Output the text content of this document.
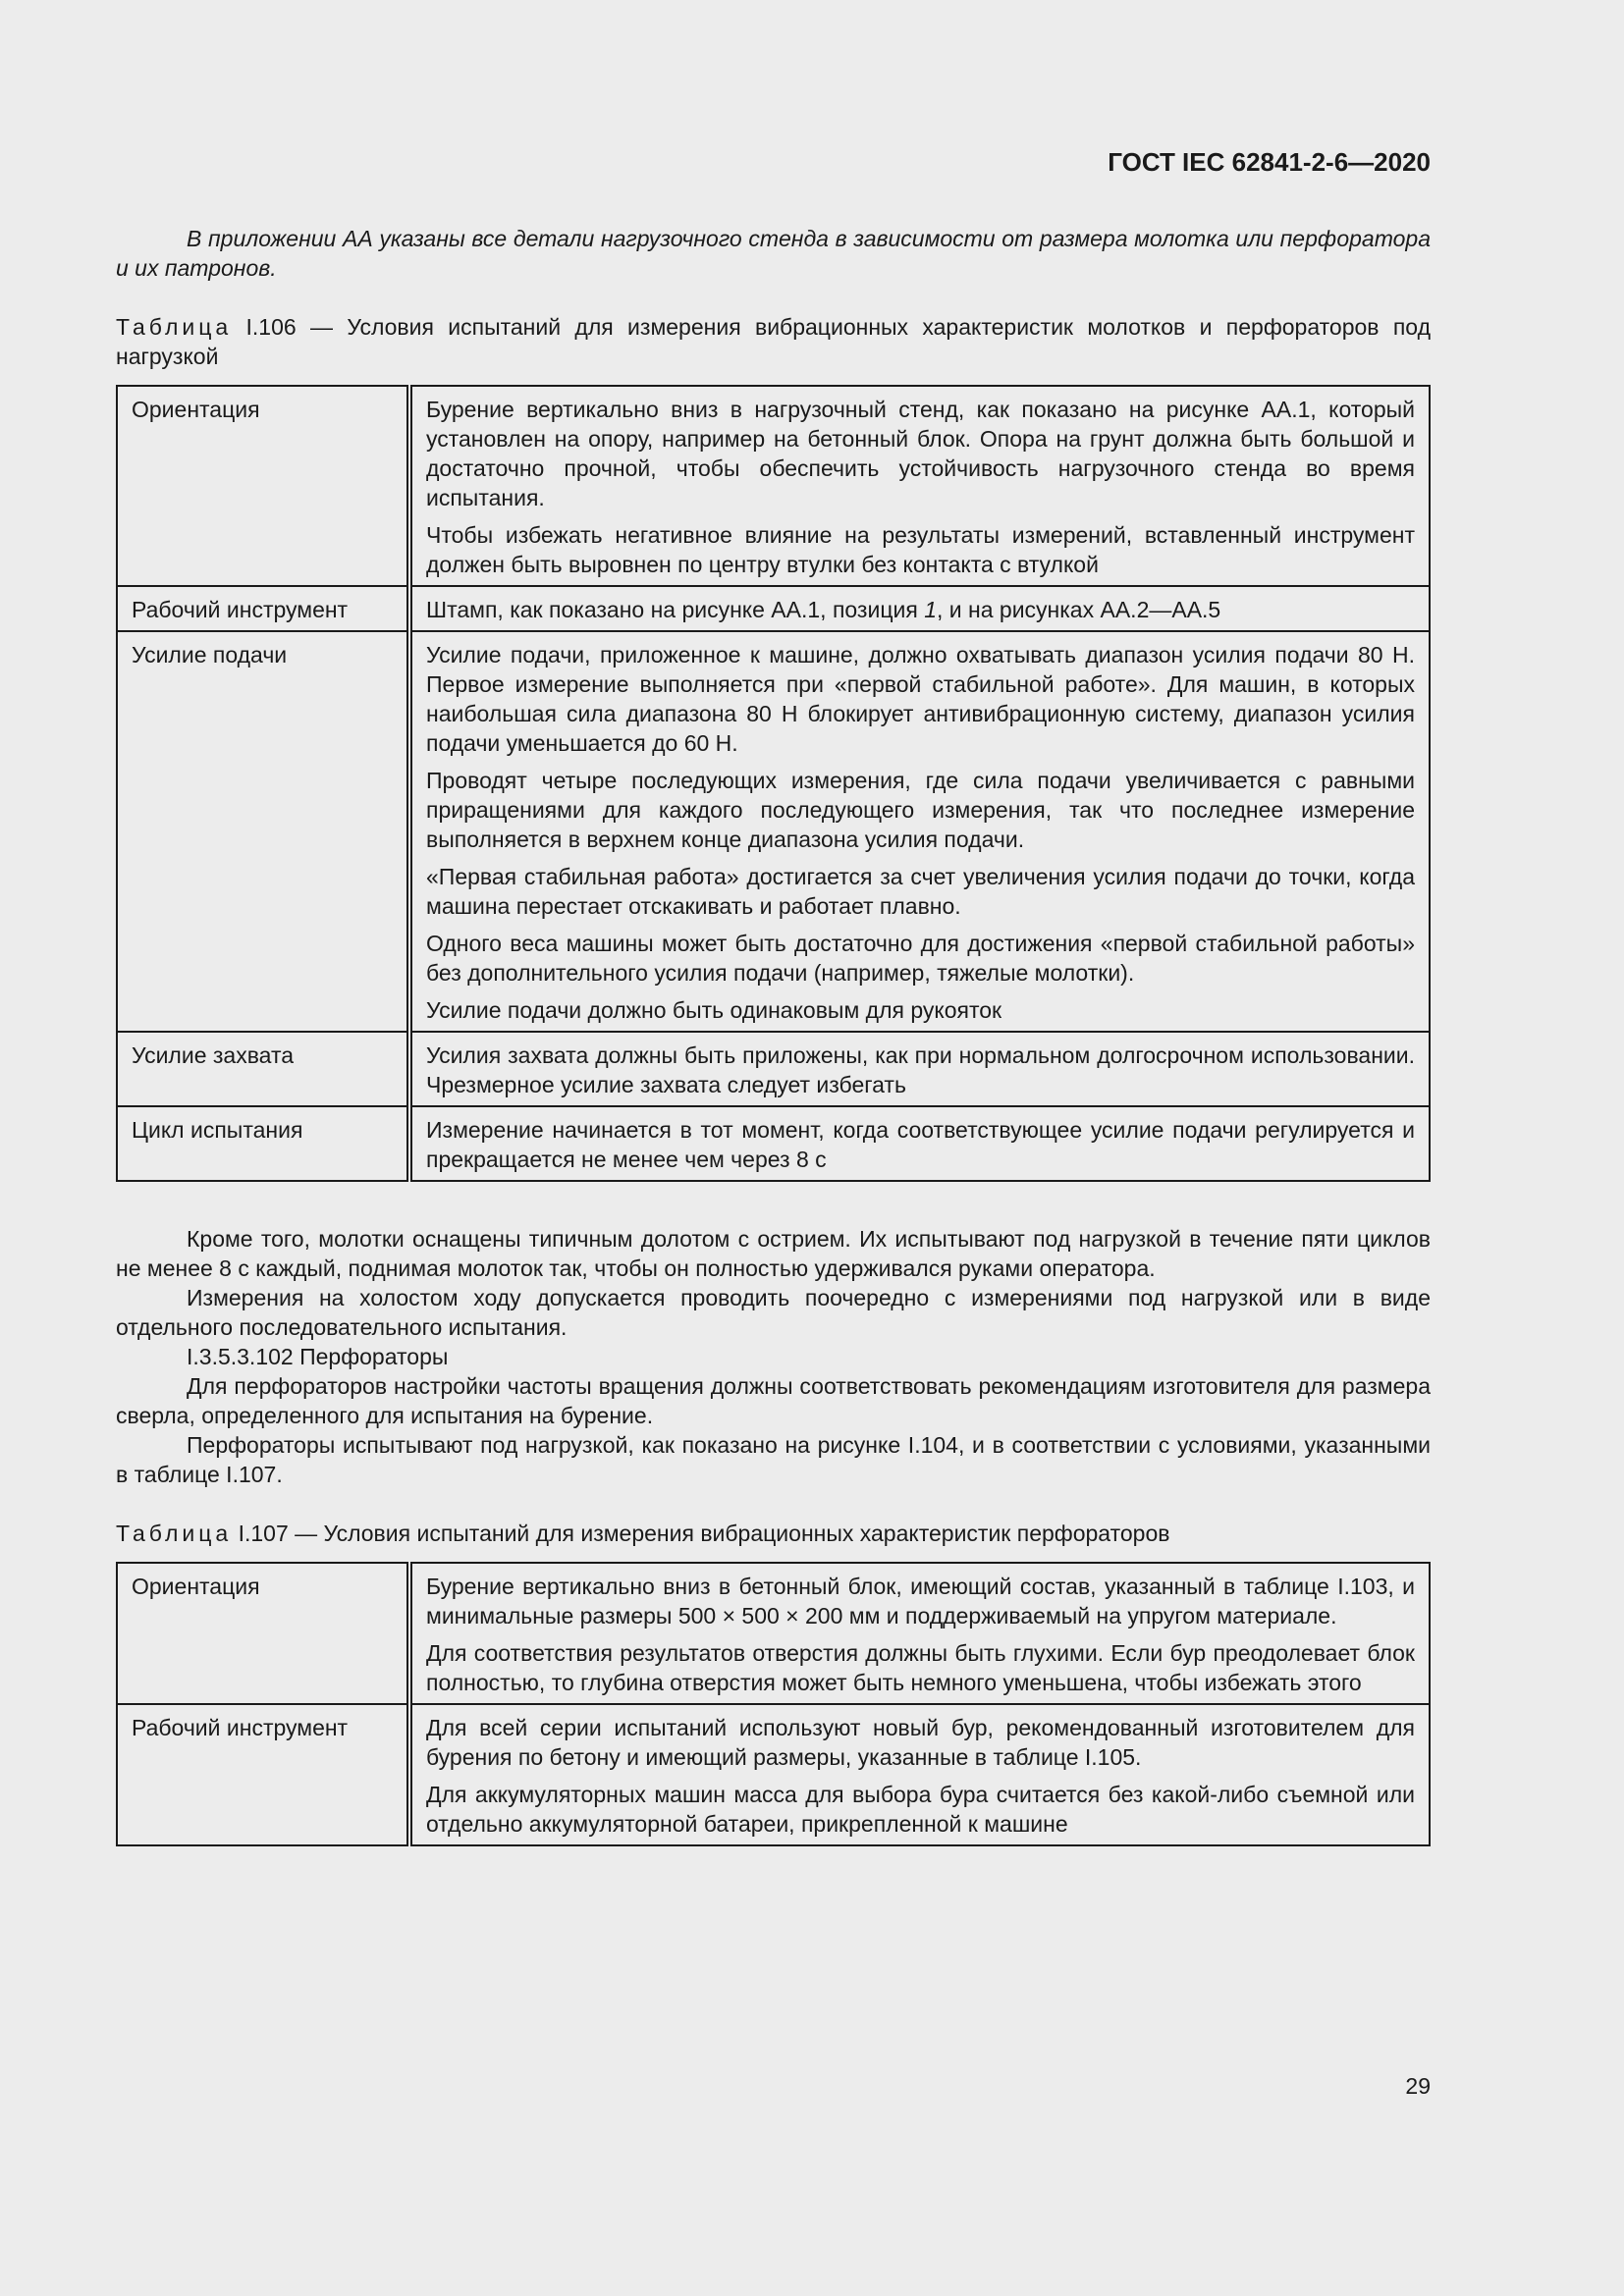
ГОСТ IEC 62841-2-6—2020

В приложении АА указаны все детали нагрузочного стенда в зависимости от размера молотка или перфоратора и их патронов.

Таблица I.106 — Условия испытаний для измерения вибрационных характеристик молотков и перфораторов под нагрузкой

Ориентация	Бурение вертикально вниз в нагрузочный стенд, как показано на рисунке АА.1, который установлен на опору, например на бетонный блок. Опора на грунт должна быть большой и достаточно прочной, чтобы обеспечить устойчивость нагрузочного стенда во время испытания.

Чтобы избежать негативное влияние на результаты измерений, вставленный инструмент должен быть выровнен по центру втулки без контакта с втулкой

Рабочий инструмент	Штамп, как показано на рисунке АА.1, позиция 1, и на рисунках АА.2—АА.5

Усилие подачи	Усилие подачи, приложенное к машине, должно охватывать диапазон усилия подачи 80 Н. Первое измерение выполняется при «первой стабильной работе». Для машин, в которых наибольшая сила диапазона 80 Н блокирует антивибрационную систему, диапазон усилия подачи уменьшается до 60 Н.

Проводят четыре последующих измерения, где сила подачи увеличивается с равными приращениями для каждого последующего измерения, так что последнее измерение выполняется в верхнем конце диапазона усилия подачи.

«Первая стабильная работа» достигается за счет увеличения усилия подачи до точки, когда машина перестает отскакивать и работает плавно.

Одного веса машины может быть достаточно для достижения «первой стабильной работы» без дополнительного усилия подачи (например, тяжелые молотки).

Усилие подачи должно быть одинаковым для рукояток

Усилие захвата	Усилия захвата должны быть приложены, как при нормальном долгосрочном использовании. Чрезмерное усилие захвата следует избегать

Цикл испытания	Измерение начинается в тот момент, когда соответствующее усилие подачи регулируется и прекращается не менее чем через 8 с

Кроме того, молотки оснащены типичным долотом с острием. Их испытывают под нагрузкой в течение пяти циклов не менее 8 с каждый, поднимая молоток так, чтобы он полностью удерживался руками оператора.

Измерения на холостом ходу допускается проводить поочередно с измерениями под нагрузкой или в виде отдельного последовательного испытания.

I.3.5.3.102 Перфораторы

Для перфораторов настройки частоты вращения должны соответствовать рекомендациям изготовителя для размера сверла, определенного для испытания на бурение.

Перфораторы испытывают под нагрузкой, как показано на рисунке I.104, и в соответствии с условиями, указанными в таблице I.107.

Таблица I.107 — Условия испытаний для измерения вибрационных характеристик перфораторов

Ориентация	Бурение вертикально вниз в бетонный блок, имеющий состав, указанный в таблице I.103, и минимальные размеры 500 × 500 × 200 мм и поддерживаемый на упругом материале.

Для соответствия результатов отверстия должны быть глухими. Если бур преодолевает блок полностью, то глубина отверстия может быть немного уменьшена, чтобы избежать этого

Рабочий инструмент	Для всей серии испытаний используют новый бур, рекомендованный изготовителем для бурения по бетону и имеющий размеры, указанные в таблице I.105.

Для аккумуляторных машин масса для выбора бура считается без какой-либо съемной или отдельно аккумуляторной батареи, прикрепленной к машине

29
